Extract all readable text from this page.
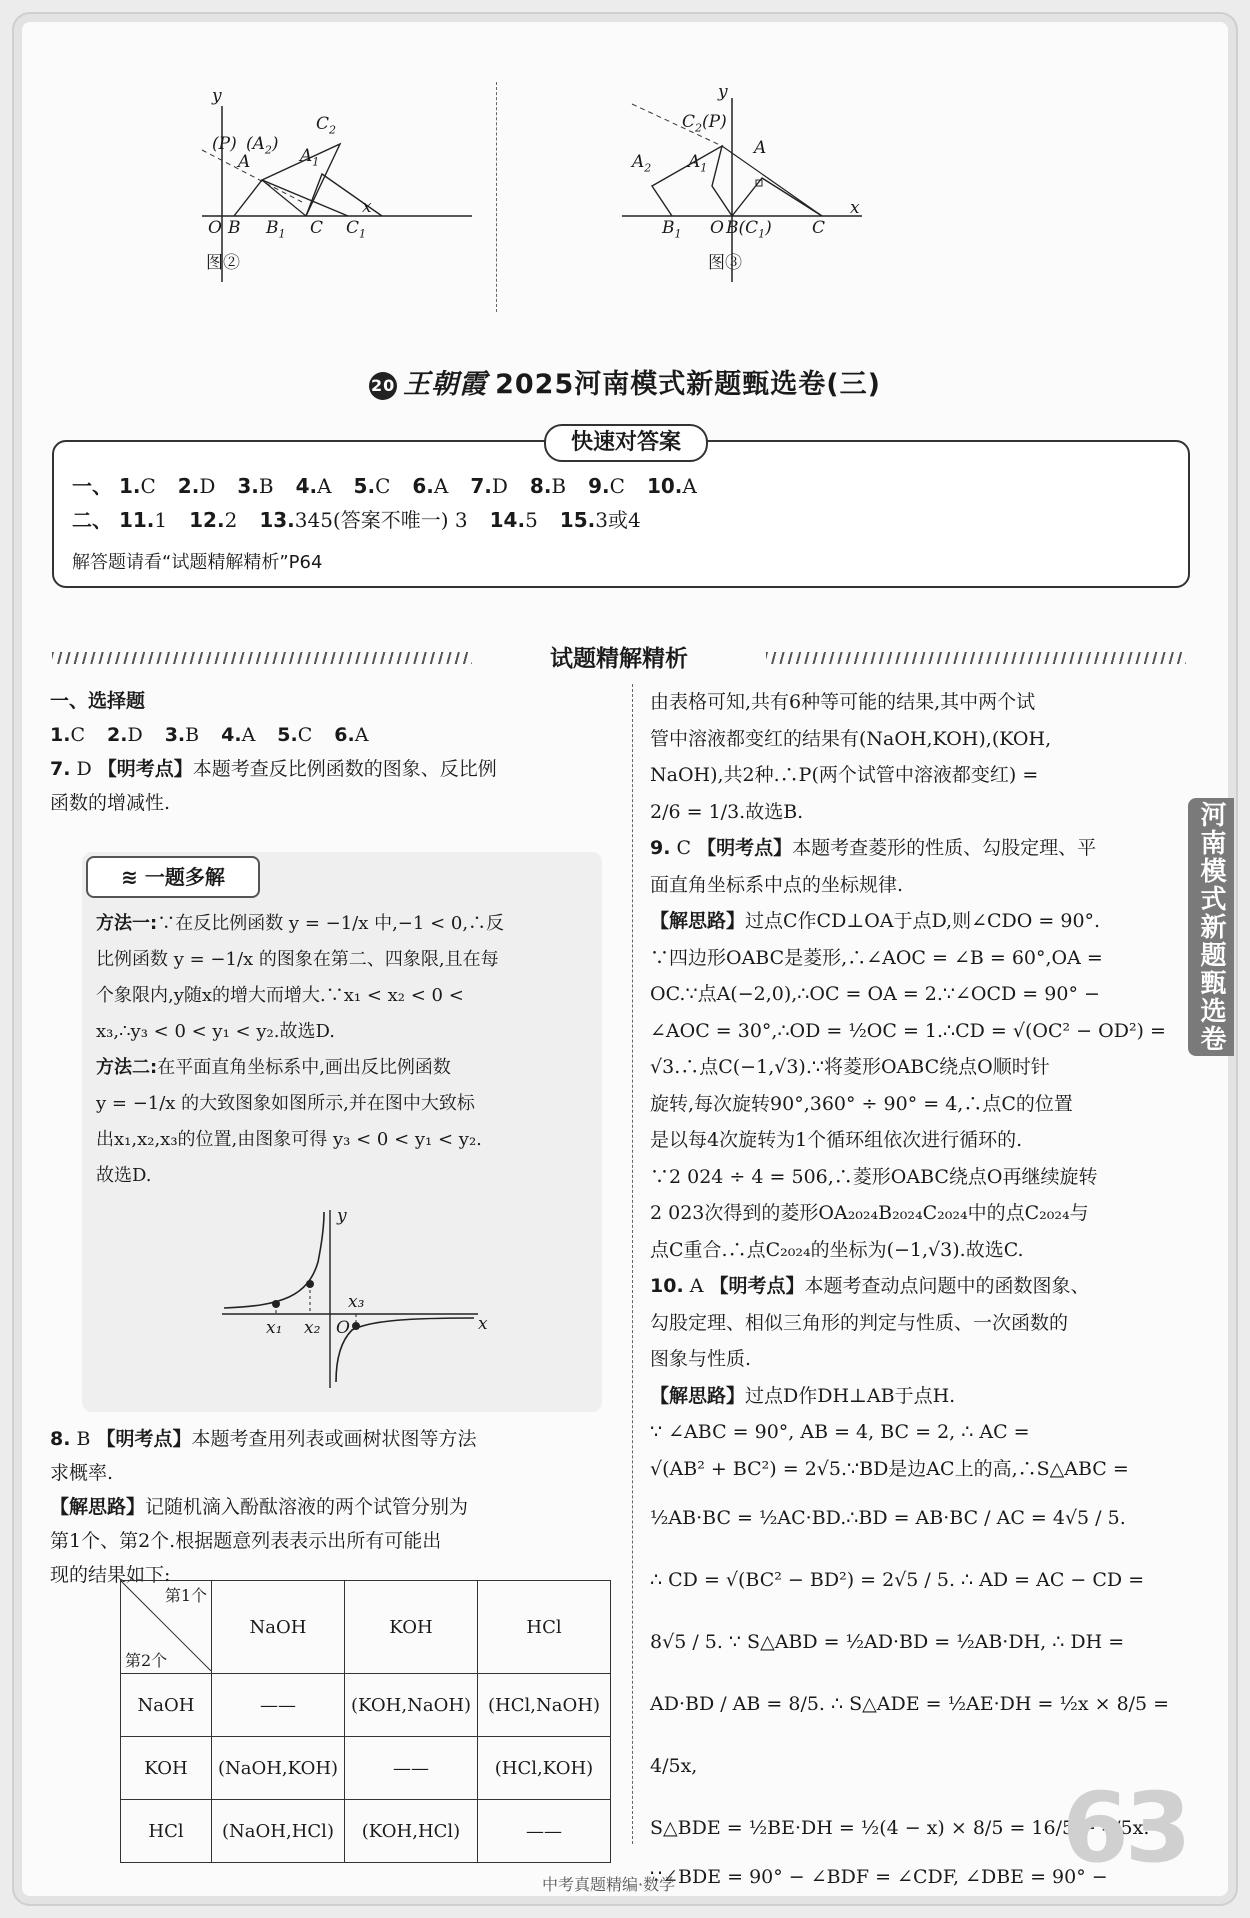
y
x
O B $B_1$ C $C_1$
(P) $(A_2)$
A	$A_1$
$C_2$
图②
y
x
O $B(C_1)$ C
$B_1$
$A_2$ $A_1$
A
$C_2(P)$
图③
20 王朝霞 2025河南模式新题甄选卷(三)
快速对答案
一、 1.C 2.D 3.B 4.A 5.C 6.A 7.D 8.B 9.C 10.A
二、 11.1 12.2 13.345(答案不唯一) 3 14.5 15.3或4
解答题请看“试题精解精析”P64
试题精解精析

一、选择题

1.C 2.D 3.B 4.A 5.C 6.A

7. D 【明考点】本题考查反比例函数的图象、反比例

函数的增减性.

≋ 一题多解

方法一:∵在反比例函数 y = −1/x 中,−1 < 0,∴反

比例函数 y = −1/x 的图象在第二、四象限,且在每

个象限内,y随x的增大而增大.∵x₁ < x₂ < 0 <

x₃,∴y₃ < 0 < y₁ < y₂.故选D.

方法二:在平面直角坐标系中,画出反比例函数

y = −1/x 的大致图象如图所示,并在图中大致标

出x₁,x₂,x₃的位置,由图象可得 y₃ < 0 < y₁ < y₂.

故选D.

y
x
O
x₁ x₂
x₃

8. B 【明考点】本题考查用列表或画树状图等方法

求概率.

【解思路】记随机滴入酚酞溶液的两个试管分别为

第1个、第2个.根据题意列表表示出所有可能出

现的结果如下:

第1个
第2个	NaOH	KOH	HCl
NaOH	——	(KOH,NaOH)	(HCl,NaOH)
KOH	(NaOH,KOH)	——	(HCl,KOH)
HCl	(NaOH,HCl)	(KOH,HCl)	——

由表格可知,共有6种等可能的结果,其中两个试

管中溶液都变红的结果有(NaOH,KOH),(KOH,

NaOH),共2种.∴P(两个试管中溶液都变红) =

2/6 = 1/3.故选B.

9. C 【明考点】本题考查菱形的性质、勾股定理、平

面直角坐标系中点的坐标规律.

【解思路】过点C作CD⊥OA于点D,则∠CDO = 90°.

∵四边形OABC是菱形,∴∠AOC = ∠B = 60°,OA =

OC.∵点A(−2,0),∴OC = OA = 2.∵∠OCD = 90° −

∠AOC = 30°,∴OD = ½OC = 1.∴CD = √(OC² − OD²) =

√3.∴点C(−1,√3).∵将菱形OABC绕点O顺时针

旋转,每次旋转90°,360° ÷ 90° = 4,∴点C的位置

是以每4次旋转为1个循环组依次进行循环的.

∵2 024 ÷ 4 = 506,∴菱形OABC绕点O再继续旋转

2 023次得到的菱形OA₂₀₂₄B₂₀₂₄C₂₀₂₄中的点C₂₀₂₄与

点C重合.∴点C₂₀₂₄的坐标为(−1,√3).故选C.

10. A 【明考点】本题考查动点问题中的函数图象、

勾股定理、相似三角形的判定与性质、一次函数的

图象与性质.

【解思路】过点D作DH⊥AB于点H.

∵ ∠ABC = 90°, AB = 4, BC = 2, ∴ AC =

√(AB² + BC²) = 2√5.∵BD是边AC上的高,∴S△ABC =

½AB·BC = ½AC·BD.∴BD = AB·BC / AC = 4√5 / 5.

∴ CD = √(BC² − BD²) = 2√5 / 5. ∴ AD = AC − CD =

8√5 / 5. ∵ S△ABD = ½AD·BD = ½AB·DH, ∴ DH =

AD·BD / AB = 8/5. ∴ S△ADE = ½AE·DH = ½x × 8/5 = 4/5x,

S△BDE = ½BE·DH = ½(4 − x) × 8/5 = 16/5 − 4/5x.

∵∠BDE = 90° − ∠BDF = ∠CDF, ∠DBE = 90° −

63
中考真题精编·数学
河南模式新题甄选卷
